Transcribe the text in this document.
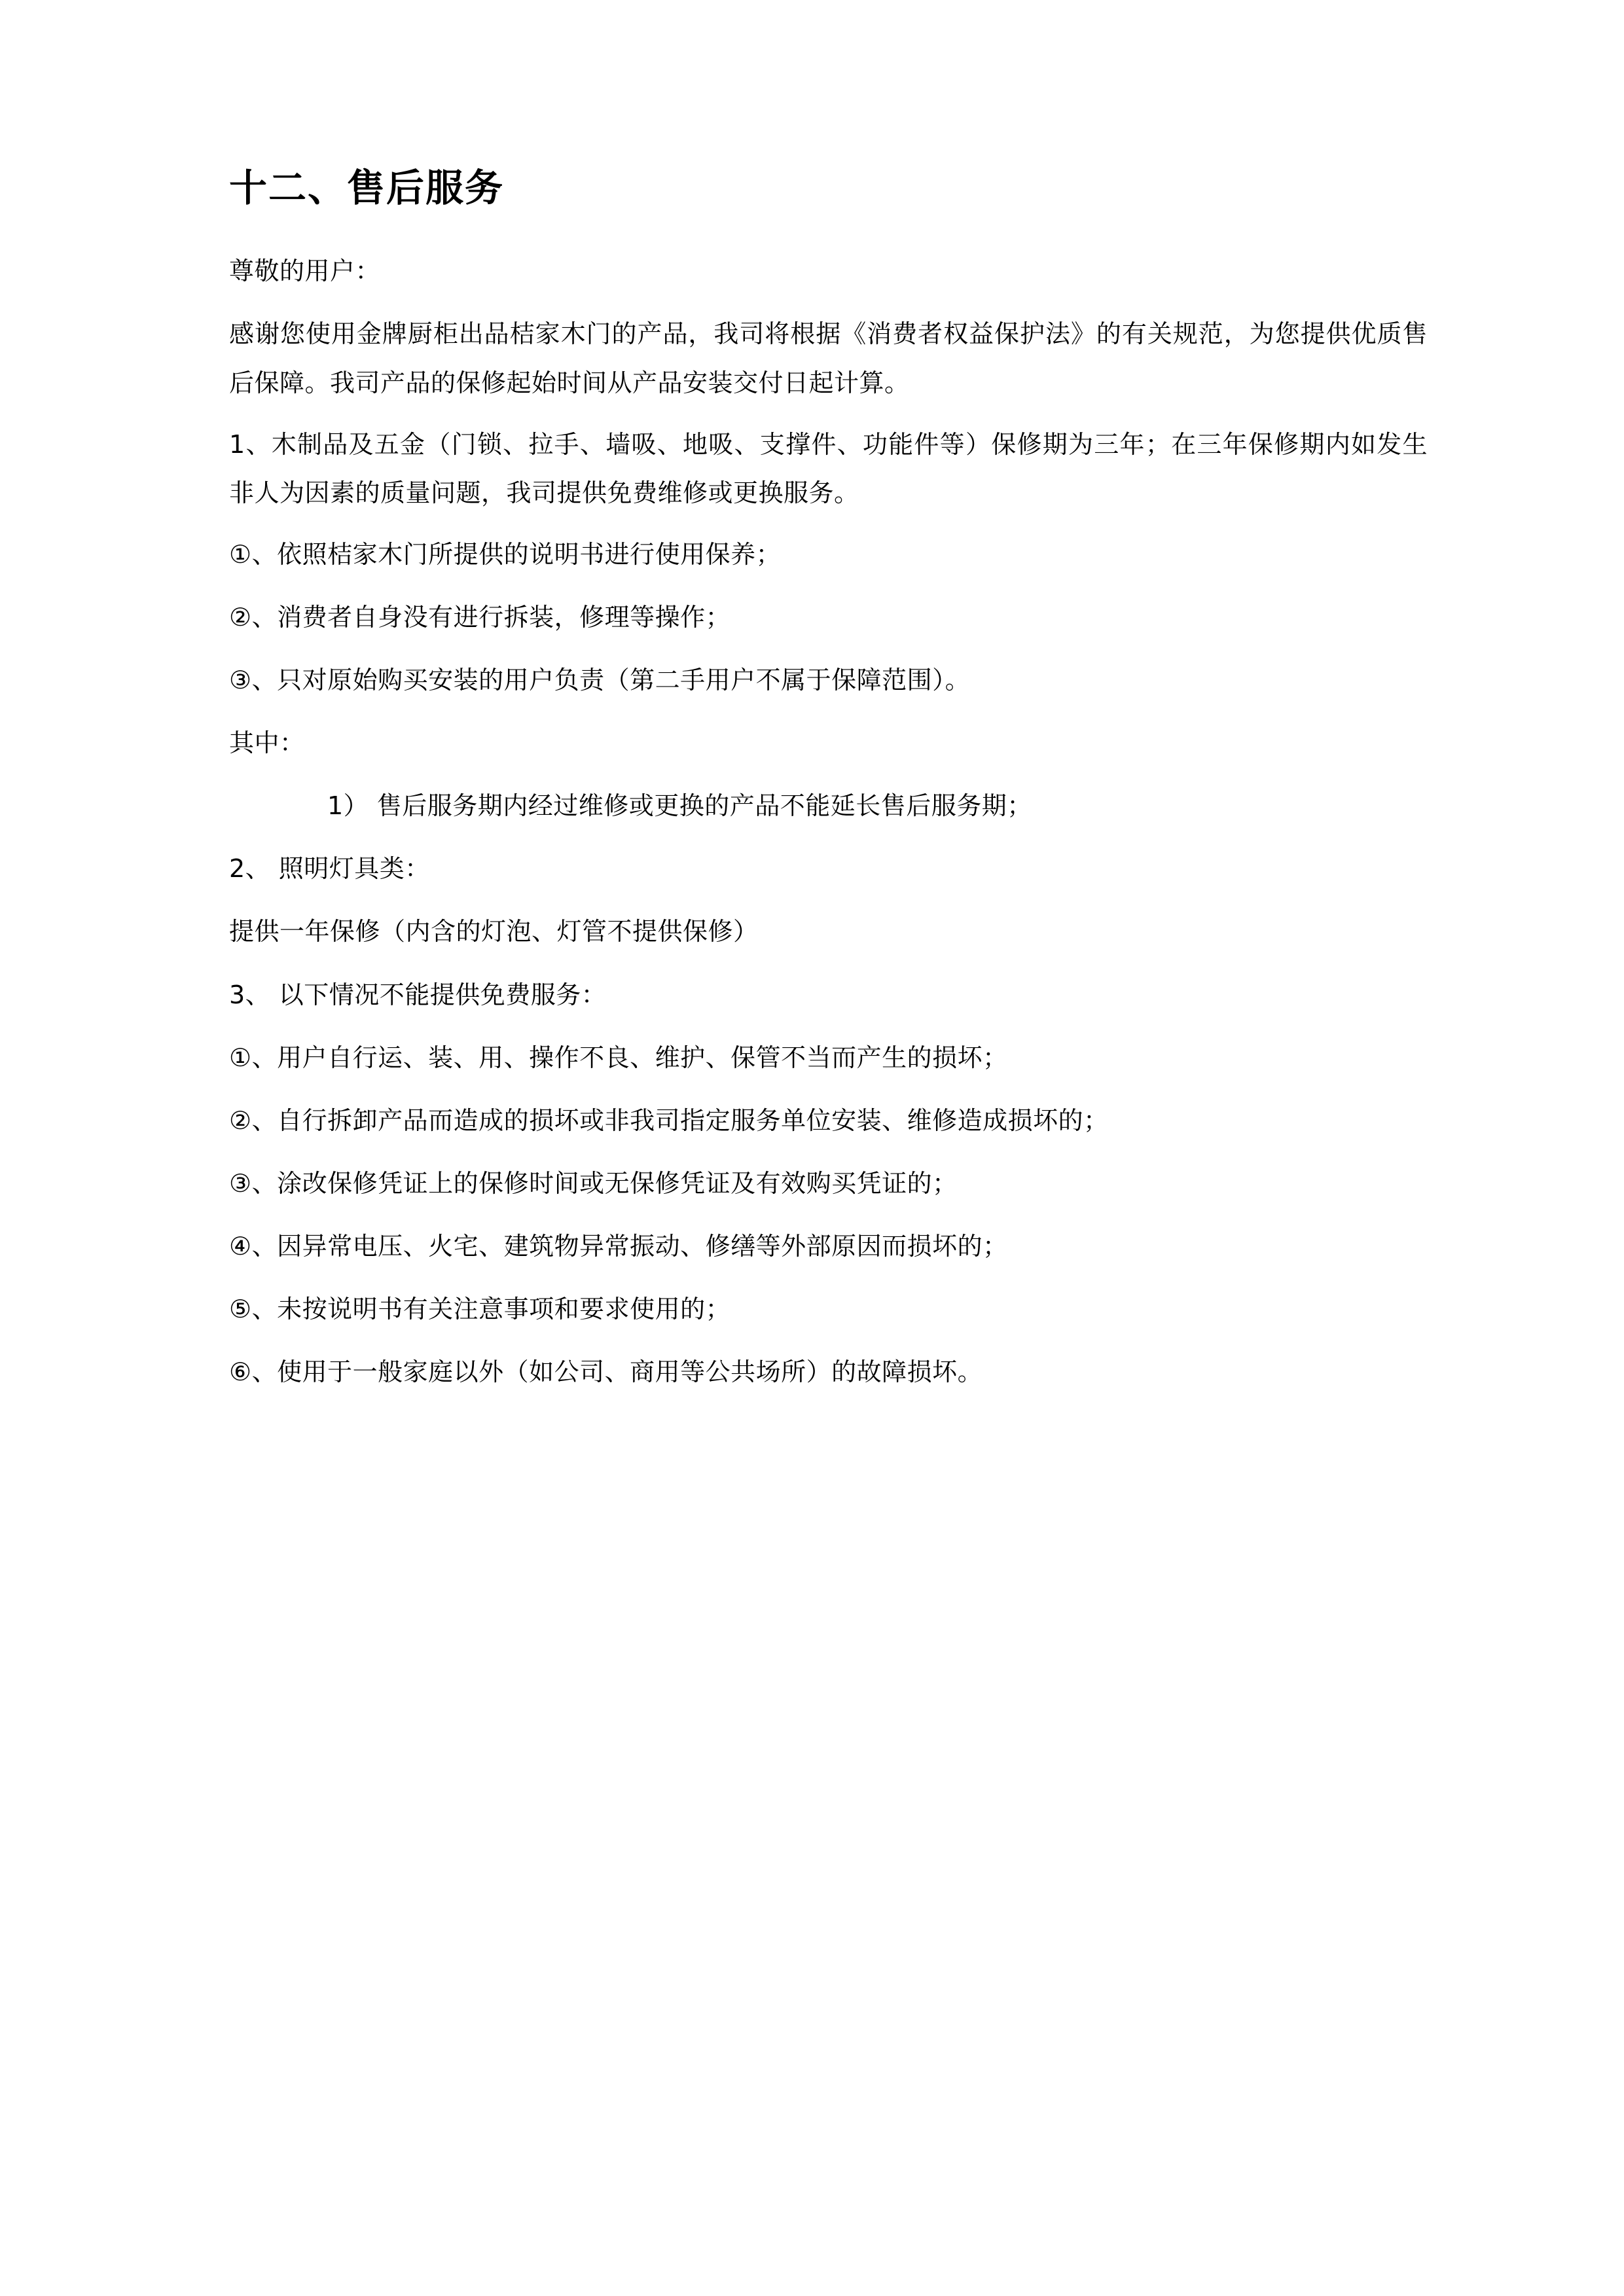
十二、售后服务

尊敬的用户：

感谢您使用金牌厨柜出品桔家木门的产品，我司将根据《消费者权益保护法》的有关规范，为您提供优质售后保障。我司产品的保修起始时间从产品安装交付日起计算。

1、木制品及五金（门锁、拉手、墙吸、地吸、支撑件、功能件等）保修期为三年；在三年保修期内如发生非人为因素的质量问题，我司提供免费维修或更换服务。

①、依照桔家木门所提供的说明书进行使用保养；

②、消费者自身没有进行拆装，修理等操作；

③、只对原始购买安装的用户负责（第二手用户不属于保障范围）。

其中：

1） 售后服务期内经过维修或更换的产品不能延长售后服务期；

2、 照明灯具类：

提供一年保修（内含的灯泡、灯管不提供保修）

3、 以下情况不能提供免费服务：

①、用户自行运、装、用、操作不良、维护、保管不当而产生的损坏；

②、自行拆卸产品而造成的损坏或非我司指定服务单位安装、维修造成损坏的；

③、涂改保修凭证上的保修时间或无保修凭证及有效购买凭证的；

④、因异常电压、火宅、建筑物异常振动、修缮等外部原因而损坏的；

⑤、未按说明书有关注意事项和要求使用的；

⑥、使用于一般家庭以外（如公司、商用等公共场所）的故障损坏。
